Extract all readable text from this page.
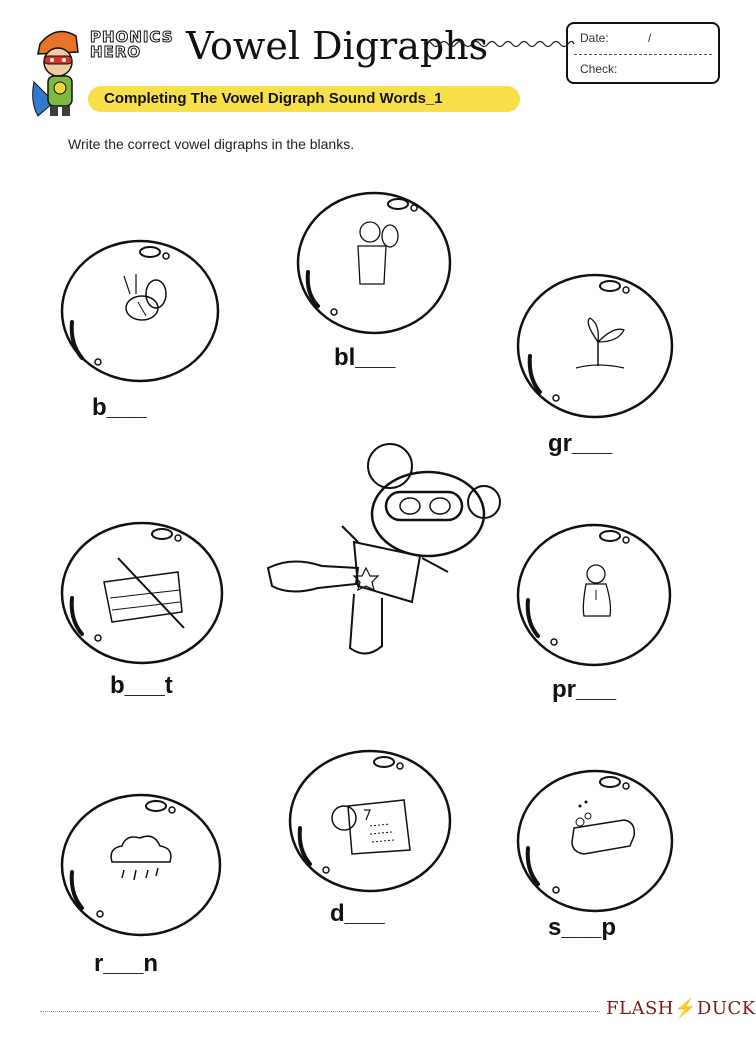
PHONICS
HERO	Vowel Digraphs	Date:	/
Check:
Completing The Vowel Digraph Sound Words_1
Write the correct vowel digraphs in the blanks.
b___
bl___
gr___
b___t	pr___
r___n
d___
s___p
FLASH⚡DUCK
